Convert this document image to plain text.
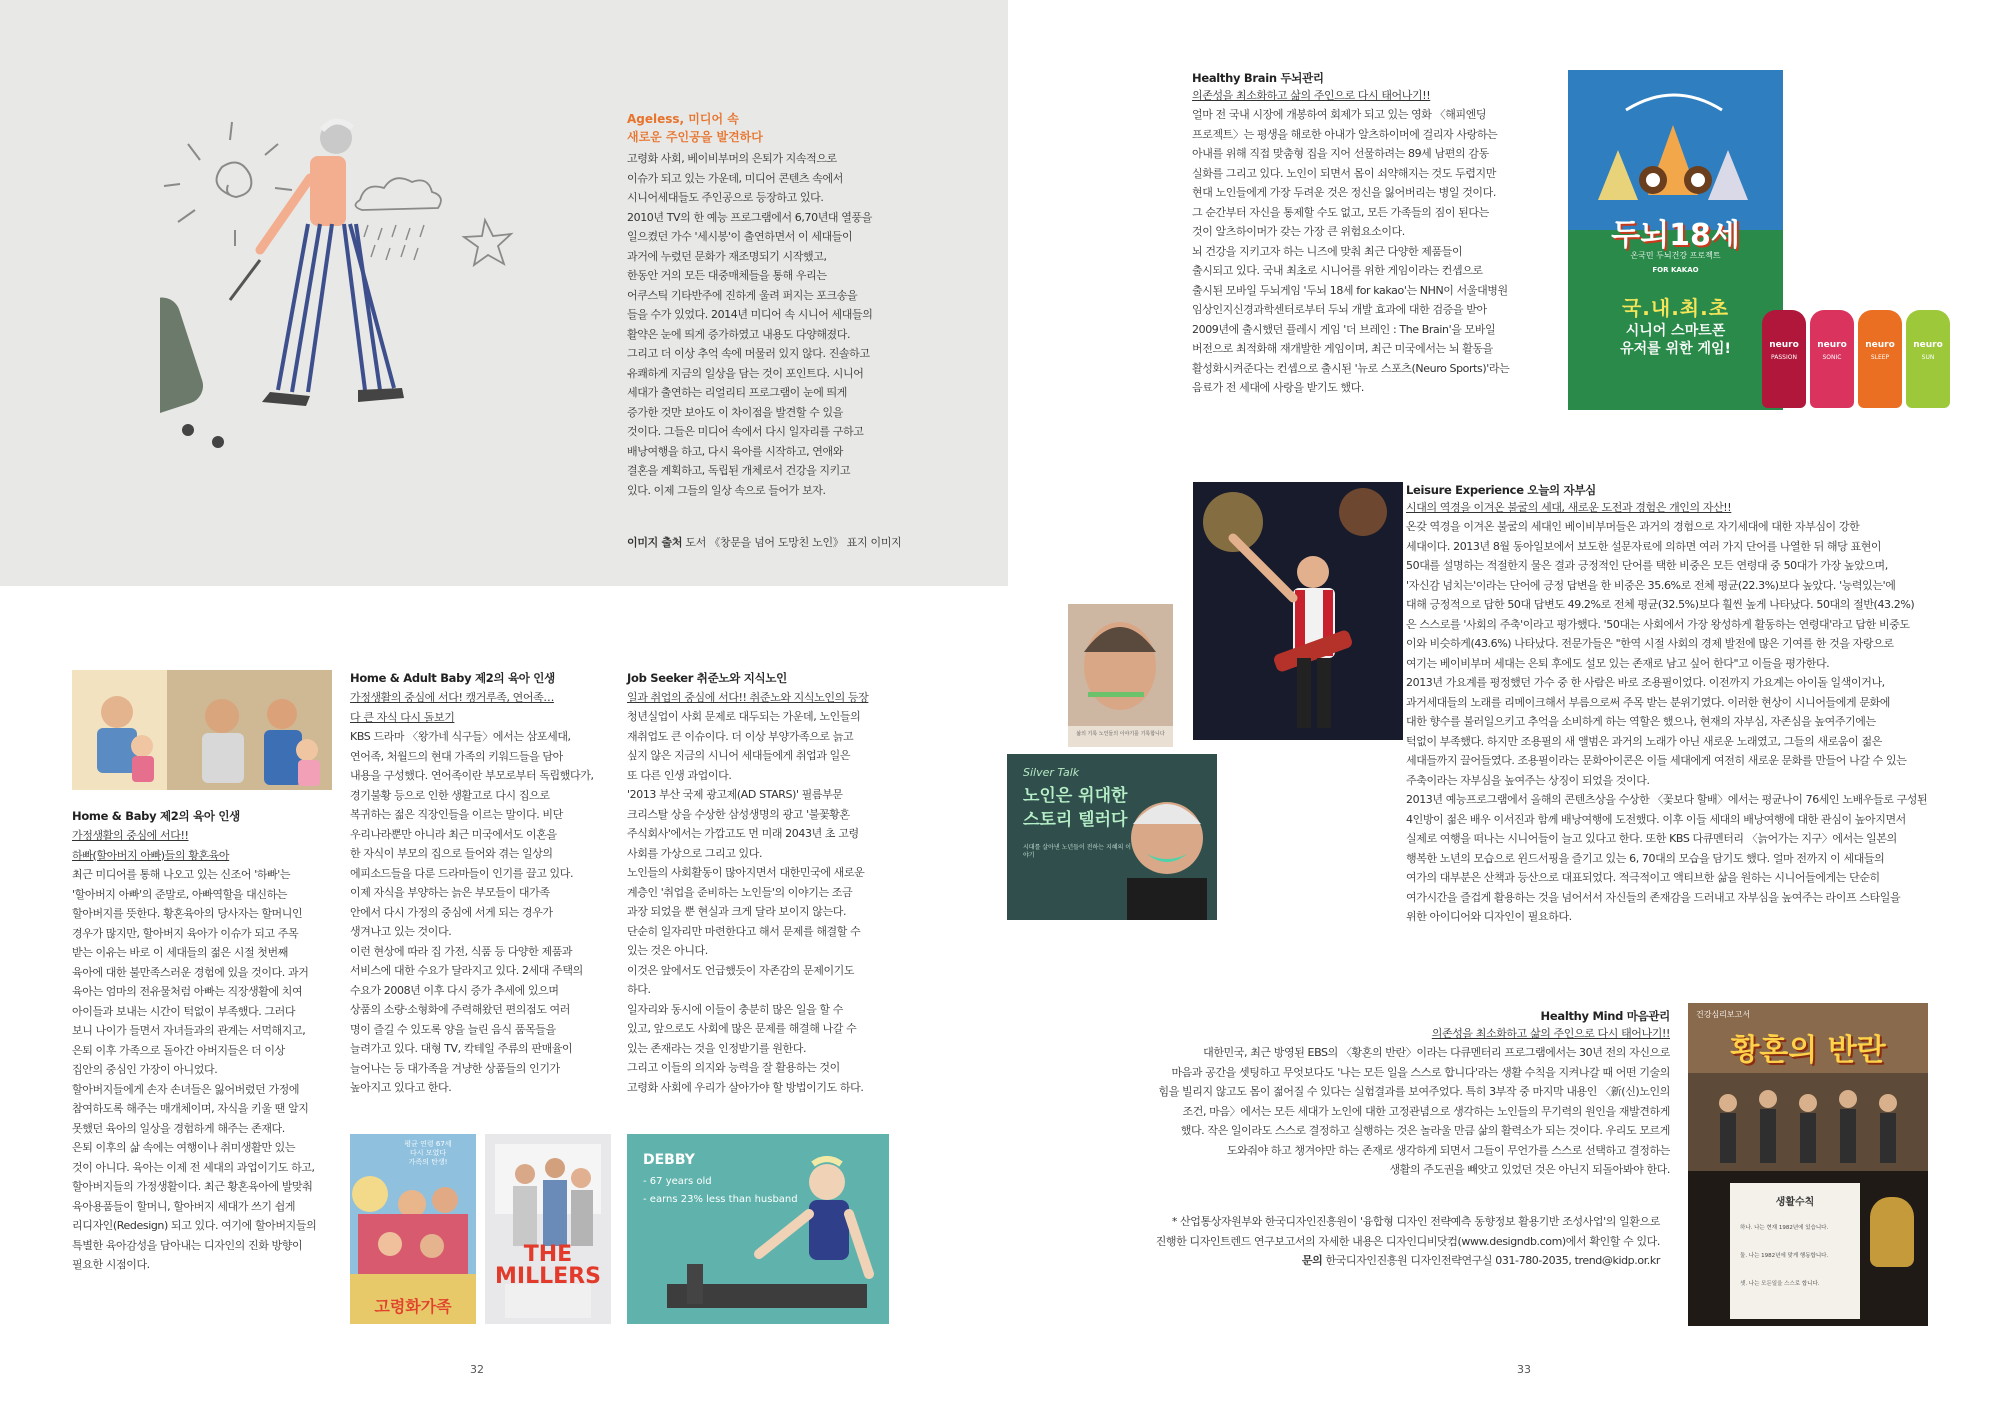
Ageless, 미디어 속
새로운 주인공을 발견하다
고령화 사회, 베이비부머의 은퇴가 지속적으로
이슈가 되고 있는 가운데, 미디어 콘텐츠 속에서
시니어세대들도 주인공으로 등장하고 있다.
2010년 TV의 한 예능 프로그램에서 6,70년대 열풍을
일으켰던 가수 '세시봉'이 출연하면서 이 세대들이
과거에 누렸던 문화가 재조명되기 시작했고,
한동안 거의 모든 대중매체들을 통해 우리는
어쿠스틱 기타반주에 진하게 울려 퍼지는 포크송을
들을 수가 있었다. 2014년 미디어 속 시니어 세대들의
활약은 눈에 띄게 증가하였고 내용도 다양해졌다.
그리고 더 이상 추억 속에 머물러 있지 않다. 진솔하고
유쾌하게 지금의 일상을 담는 것이 포인트다. 시니어
세대가 출연하는 리얼리티 프로그램이 눈에 띄게
증가한 것만 보아도 이 차이점을 발견할 수 있을
것이다. 그들은 미디어 속에서 다시 일자리를 구하고
배낭여행을 하고, 다시 육아를 시작하고, 연애와
결혼을 계획하고, 독립된 개체로서 건강을 지키고
있다. 이제 그들의 일상 속으로 들어가 보자.
이미지 출처 도서 《창문을 넘어 도망친 노인》 표지 이미지
Home & Baby 제2의 육아 인생
가정생활의 중심에 서다!!
하빠(할아버지 아빠)들의 황혼육아
최근 미디어를 통해 나오고 있는 신조어 '하빠'는
'할아버지 아빠'의 준말로, 아빠역할을 대신하는
할아버지를 뜻한다. 황혼육아의 당사자는 할머니인
경우가 많지만, 할아버지 육아가 이슈가 되고 주목
받는 이유는 바로 이 세대들의 젊은 시절 첫번째
육아에 대한 불만족스러운 경험에 있을 것이다. 과거
육아는 엄마의 전유물처럼 아빠는 직장생활에 치여
아이들과 보내는 시간이 턱없이 부족했다. 그러다
보니 나이가 들면서 자녀들과의 관계는 서먹해지고,
은퇴 이후 가족으로 돌아간 아버지들은 더 이상
집안의 중심인 가장이 아니었다.
할아버지들에게 손자 손녀들은 잃어버렸던 가정에
참여하도록 해주는 매개체이며, 자식을 키울 땐 알지
못했던 육아의 일상을 경험하게 해주는 존재다.
은퇴 이후의 삶 속에는 여행이나 취미생활만 있는
것이 아니다. 육아는 이제 전 세대의 과업이기도 하고,
할아버지들의 가정생활이다. 최근 황혼육아에 발맞춰
육아용품들이 할머니, 할아버지 세대가 쓰기 쉽게
리디자인(Redesign) 되고 있다. 여기에 할아버지들의
특별한 육아감성을 담아내는 디자인의 진화 방향이
필요한 시점이다.
Home & Adult Baby 제2의 육아 인생
가정생활의 중심에 서다! 캥거루족, 연어족…
다 큰 자식 다시 돌보기
KBS 드라마 〈왕가네 식구들〉에서는 삼포세대,
연어족, 처월드의 현대 가족의 키워드들을 담아
내용을 구성했다. 연어족이란 부모로부터 독립했다가,
경기불황 등으로 인한 생활고로 다시 집으로
복귀하는 젊은 직장인들을 이르는 말이다. 비단
우리나라뿐만 아니라 최근 미국에서도 이혼을
한 자식이 부모의 집으로 들어와 겪는 일상의
에피소드들을 다룬 드라마들이 인기를 끌고 있다.
이제 자식을 부양하는 늙은 부모들이 대가족
안에서 다시 가정의 중심에 서게 되는 경우가
생겨나고 있는 것이다.
이런 현상에 따라 집 가전, 식품 등 다양한 제품과
서비스에 대한 수요가 달라지고 있다. 2세대 주택의
수요가 2008년 이후 다시 증가 추세에 있으며
상품의 소량·소형화에 주력해왔던 편의점도 여러
명이 즐길 수 있도록 양을 늘린 음식 품목들을
늘려가고 있다. 대형 TV, 칵테일 주류의 판매율이
늘어나는 등 대가족을 겨냥한 상품들의 인기가
높아지고 있다고 한다.
Job Seeker 취준노와 지식노인
일과 취업의 중심에 서다!! 취준노와 지식노인의 등장
청년실업이 사회 문제로 대두되는 가운데, 노인들의
재취업도 큰 이슈이다. 더 이상 부양가족으로 늙고
싶지 않은 지금의 시니어 세대들에게 취업과 일은
또 다른 인생 과업이다.
'2013 부산 국제 광고제(AD STARS)' 필름부문
크리스탈 상을 수상한 삼성생명의 광고 '불꽃황혼
주식회사'에서는 가깝고도 먼 미래 2043년 초 고령
사회를 가상으로 그리고 있다.
노인들의 사회활동이 많아지면서 대한민국에 새로운
계층인 '취업을 준비하는 노인들'의 이야기는 조금
과장 되었을 뿐 현실과 크게 달라 보이지 않는다.
단순히 일자리만 마련한다고 해서 문제를 해결할 수
있는 것은 아니다.
이것은 앞에서도 언급했듯이 자존감의 문제이기도
하다.
일자리와 동시에 이들이 충분히 많은 일을 할 수
있고, 앞으로도 사회에 많은 문제를 해결해 나갈 수
있는 존재라는 것을 인정받기를 원한다.
그리고 이들의 의지와 능력을 잘 활용하는 것이
고령화 사회에 우리가 살아가야 할 방법이기도 하다.
평균 연령 67세
다시 모였다
가족의 탄생!
고령화가족
THE
MILLERS
DEBBY
- 67 years old
- earns 23% less than husband
32
Healthy Brain 두뇌관리
의존성을 최소화하고 삶의 주인으로 다시 태어나기!!
얼마 전 국내 시장에 개봉하여 회제가 되고 있는 영화 〈해피엔딩
프로젝트〉는 평생을 해로한 아내가 알츠하이머에 걸리자 사랑하는
아내를 위해 직접 맞춤형 집을 지어 선물하려는 89세 남편의 감동
실화를 그리고 있다. 노인이 되면서 몸이 쇠약해지는 것도 두렵지만
현대 노인들에게 가장 두려운 것은 정신을 잃어버리는 병일 것이다.
그 순간부터 자신을 통제할 수도 없고, 모든 가족들의 짐이 된다는
것이 알츠하이머가 갖는 가장 큰 위험요소이다.
뇌 건강을 지키고자 하는 니즈에 맞춰 최근 다양한 제품들이
출시되고 있다. 국내 최초로 시니어를 위한 게임이라는 컨셉으로
출시된 모바일 두뇌게임 '두뇌 18세 for kakao'는 NHN이 서울대병원
임상인지신경과학센터로부터 두뇌 개발 효과에 대한 검증을 받아
2009년에 출시했던 플레시 게임 '더 브레인 : The Brain'을 모바일
버전으로 최적화해 재개발한 게임이며, 최근 미국에서는 뇌 활동을
활성화시켜준다는 컨셉으로 출시된 '뉴로 스포츠(Neuro Sports)'라는
음료가 전 세대에 사랑을 받기도 했다.
두뇌18세
온국민 두뇌건강 프로젝트
FOR KAKAO
국.내.최.초
시니어 스마트폰
유저를 위한 게임!	neuro
PASSION
neuro
SONIC
neuro
SLEEP
neuro
SUN
삶의 기록 노인들의 이야기를 기록합니다
Silver Talk
노인은 위대한
스토리 텔러다
시대를 살아낸 노년들이 전하는 지혜의 이야기
Leisure Experience 오늘의 자부심
시대의 역경을 이겨온 불굴의 세대, 새로운 도전과 경험은 개인의 자산!!
온갖 역경을 이겨온 불굴의 세대인 베이비부머들은 과거의 경험으로 자기세대에 대한 자부심이 강한
세대이다. 2013년 8월 동아일보에서 보도한 설문자료에 의하면 여러 가지 단어를 나열한 뒤 해당 표현이
50대를 설명하는 적절한지 물은 결과 긍정적인 단어를 택한 비중은 모든 연령대 중 50대가 가장 높았으며,
'자신감 넘치는'이라는 단어에 긍정 답변을 한 비중은 35.6%로 전체 평균(22.3%)보다 높았다. '능력있는'에
대해 긍정적으로 답한 50대 답변도 49.2%로 전체 평균(32.5%)보다 훨씬 높게 나타났다. 50대의 절반(43.2%)
은 스스로를 '사회의 주축'이라고 평가했다. '50대는 사회에서 가장 왕성하게 활동하는 연령대'라고 답한 비중도
이와 비슷하게(43.6%) 나타났다. 전문가들은 "한역 시절 사회의 경제 발전에 많은 기여를 한 것을 자랑으로
여기는 베이비부머 세대는 은퇴 후에도 설모 있는 존재로 남고 싶어 한다"고 이들을 평가한다.
2013년 가요계를 평정했던 가수 중 한 사람은 바로 조용필이었다. 이전까지 가요계는 아이돌 일색이거나,
과거세대들의 노래를 리메이크해서 부름으로써 주목 받는 분위기였다. 이러한 현상이 시니어들에게 문화에
대한 향수를 불러일으키고 추억을 소비하게 하는 역할은 했으나, 현재의 자부심, 자존심을 높여주기에는
턱없이 부족했다. 하지만 조용필의 새 앨범은 과거의 노래가 아닌 새로운 노래였고, 그들의 새로움이 젊은
세대들까지 끌어들였다. 조용필이라는 문화아이콘은 이들 세대에게 여전히 새로운 문화를 만들어 나갈 수 있는
주축이라는 자부심을 높여주는 상징이 되었을 것이다.
2013년 예능프로그램에서 올해의 콘텐츠상을 수상한 〈꽃보다 할배〉에서는 평균나이 76세인 노배우들로 구성된
4인방이 젊은 배우 이서진과 함께 배낭여행에 도전했다. 이후 이들 세대의 배낭여행에 대한 관심이 높아지면서
실제로 여행을 떠나는 시니어들이 늘고 있다고 한다. 또한 KBS 다큐멘터리 〈늙어가는 지구〉에서는 일본의
행복한 노년의 모습으로 윈드서핑을 즐기고 있는 6, 70대의 모습을 담기도 했다. 얼마 전까지 이 세대들의
여가의 대부분은 산책과 등산으로 대표되었다. 적극적이고 액티브한 삶을 원하는 시니어들에게는 단순히
여가시간을 즐겁게 활용하는 것을 넘어서서 자신들의 존재감을 드러내고 자부심을 높여주는 라이프 스타일을
위한 아이디어와 디자인이 필요하다.
Healthy Mind 마음관리
의존성을 최소화하고 삶의 주인으로 다시 태어나기!!
대한민국, 최근 방영된 EBS의 〈황혼의 반란〉이라는 다큐멘터리 프로그램에서는 30년 전의 자신으로
마음과 공간을 셋팅하고 무엇보다도 '나는 모든 일을 스스로 합니다'라는 생활 수칙을 지켜나갈 때 어떤 기술의
힘을 빌리지 않고도 몸이 젊어질 수 있다는 실험결과를 보여주었다. 특히 3부작 중 마지막 내용인 〈新(신)노인의
조건, 마음〉에서는 모든 세대가 노인에 대한 고정관념으로 생각하는 노인들의 무기력의 원인을 재발견하게
했다. 작은 일이라도 스스로 결정하고 실행하는 것은 놀라울 만큼 삶의 활력소가 되는 것이다. 우리도 모르게
도와줘야 하고 챙겨야만 하는 존재로 생각하게 되면서 그들이 무언가를 스스로 선택하고 결정하는
생활의 주도권을 빼앗고 있었던 것은 아닌지 되돌아봐야 한다.
건강심리보고서
황혼의 반란
생활수칙
하나. 나는 현재 1982년에 있습니다.
둘. 나는 1982년에 맞게 행동합니다.
셋. 나는 모든일을 스스로 합니다.
* 산업통상자원부와 한국디자인진흥원이 '융합형 디자인 전략예측 동향정보 활용기반 조성사업'의 일환으로
진행한 디자인트렌드 연구보고서의 자세한 내용은 디자인디비닷컴(www.designdb.com)에서 확인할 수 있다.
문의 한국디자인진흥원 디자인전략연구실 031-780-2035, trend@kidp.or.kr
33
